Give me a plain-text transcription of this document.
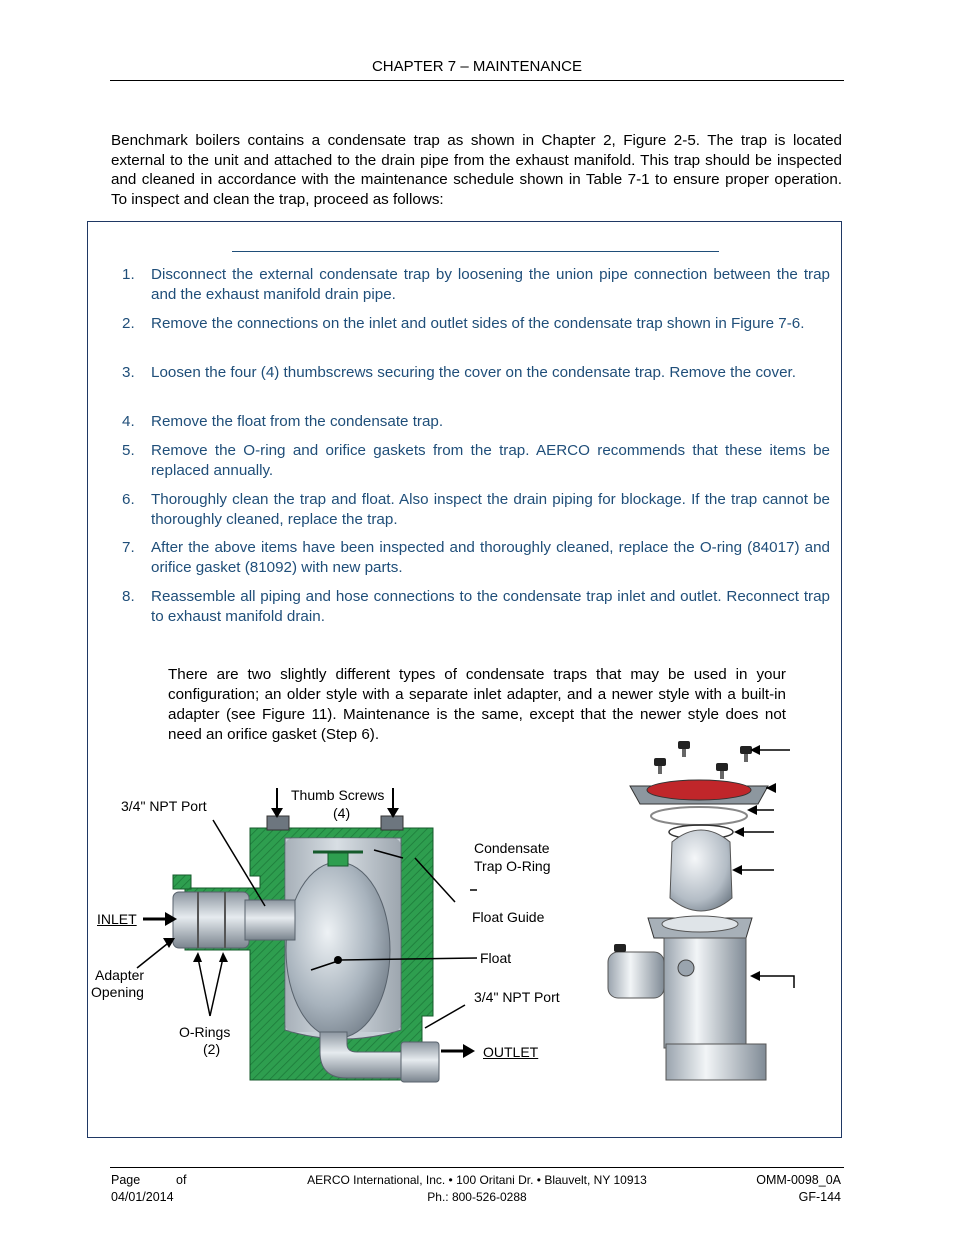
CHAPTER 7 – MAINTENANCE
Benchmark boilers contains a condensate trap as shown in Chapter 2, Figure 2-5. The trap is located external to the unit and attached to the drain pipe from the exhaust manifold. This trap should be inspected and cleaned in accordance with the maintenance schedule shown in Table 7-1 to ensure proper operation. To inspect and clean the trap, proceed as follows:
1. Disconnect the external condensate trap by loosening the union pipe connection between the trap and the exhaust manifold drain pipe.
2. Remove the connections on the inlet and outlet sides of the condensate trap shown in Figure 7-6.
3. Loosen the four (4) thumbscrews securing the cover on the condensate trap. Remove the cover.
4. Remove the float from the condensate trap.
5. Remove the O-ring and orifice gaskets from the trap. AERCO recommends that these items be replaced annually.
6. Thoroughly clean the trap and float. Also inspect the drain piping for blockage. If the trap cannot be thoroughly cleaned, replace the trap.
7. After the above items have been inspected and thoroughly cleaned, replace the O-ring (84017) and orifice gasket (81092) with new parts.
8. Reassemble all piping and hose connections to the condensate trap inlet and outlet. Reconnect trap to exhaust manifold drain.
There are two slightly different types of condensate traps that may be used in your configuration; an older style with a separate inlet adapter, and a newer style with a built-in adapter (see Figure 11). Maintenance is the same, except that the newer style does not need an orifice gasket (Step 6).
3/4" NPT Port
Thumb Screws
(4)
Condensate
Trap O-Ring
Float Guide
Float
3/4" NPT Port
OUTLET
INLET
Adapter
Opening
O-Rings
(2)
Page	of
04/01/2014
AERCO International, Inc. • 100 Oritani Dr. • Blauvelt, NY 10913
Ph.: 800-526-0288
OMM-0098_0A
GF-144
